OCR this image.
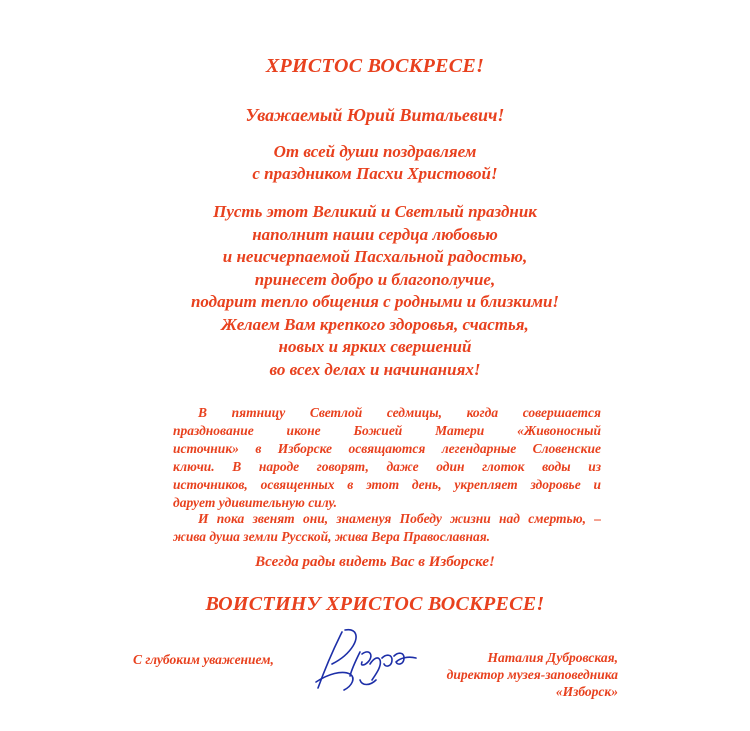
ХРИСТОС ВОСКРЕСЕ!
Уважаемый Юрий Витальевич!
От всей души поздравляем
с праздником Пасхи Христовой!
Пусть этот Великий и Светлый праздник
наполнит наши сердца любовью
и неисчерпаемой Пасхальной радостью,
принесет добро и благополучие,
подарит тепло общения с родными и близкими!
Желаем Вам крепкого здоровья, счастья,
новых и ярких свершений
во всех делах и начинаниях!
В пятницу Светлой седмицы, когда совершается
празднование иконе Божией Матери «Живоносный
источник» в Изборске освящаются легендарные Словенские
ключи. В народе говорят, даже один глоток воды из
источников, освященных в этот день, укрепляет здоровье и
дарует удивительную силу.
И пока звенят они, знаменуя Победу жизни над смертью, –
жива душа земли Русской, жива Вера Православная.
Всегда рады видеть Вас в Изборске!
ВОИСТИНУ ХРИСТОС ВОСКРЕСЕ!
С глубоким уважением,	Наталия Дубровская,
директор музея-заповедника
«Изборск»
